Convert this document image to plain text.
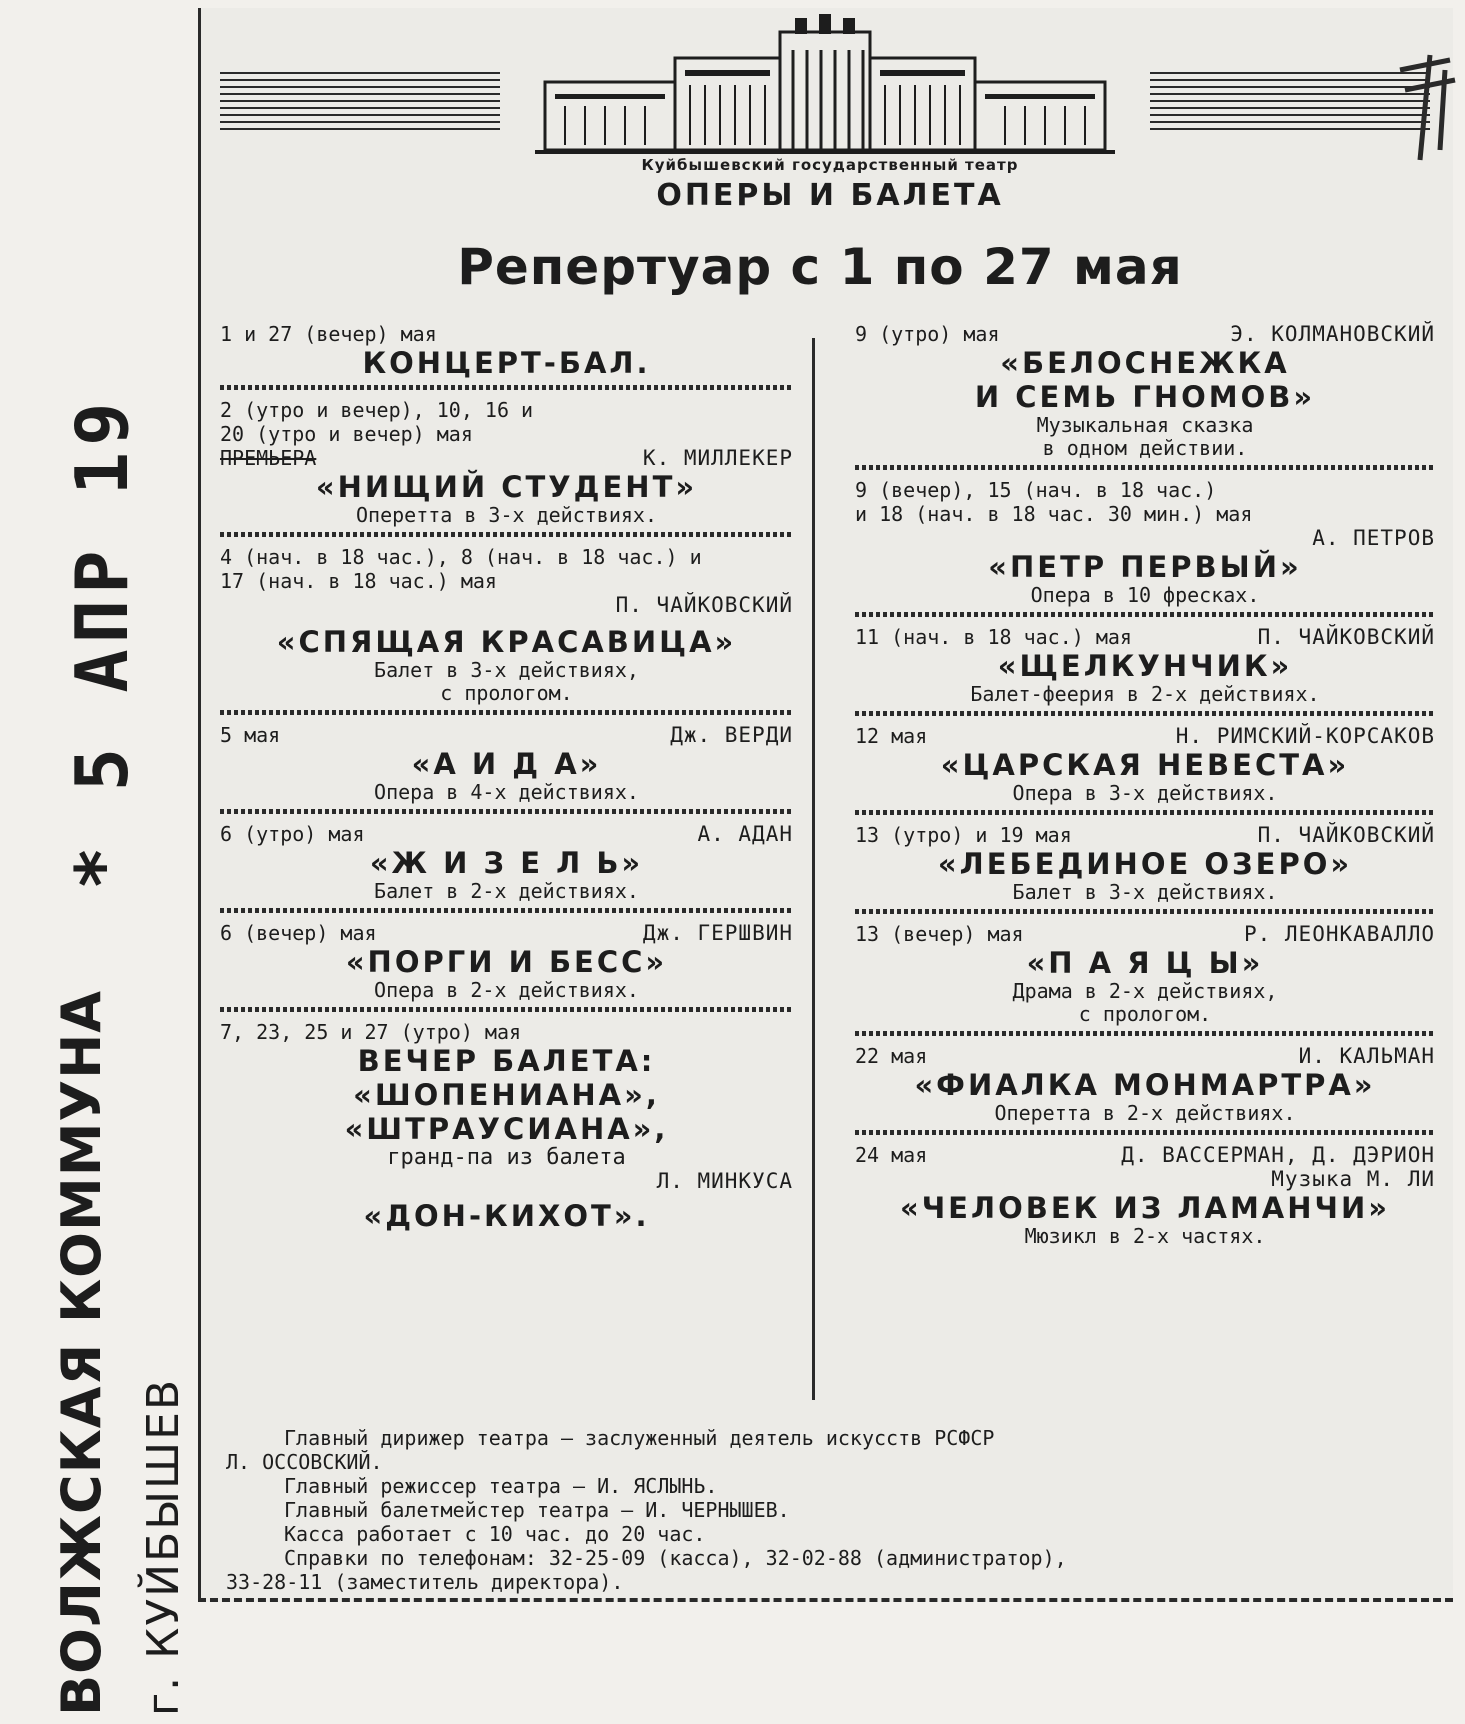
Куйбышевский государственный театр
ОПЕРЫ И БАЛЕТА
Репертуар с 1 по 27 мая
1 и 27 (вечер) мая
КОНЦЕРТ-БАЛ.
2 (утро и вечер), 10, 16 и
20 (утро и вечер) мая
ПРЕМЬЕРА	К. МИЛЛЕКЕР
«НИЩИЙ СТУДЕНТ»
Оперетта в 3-х действиях.
4 (нач. в 18 час.), 8 (нач. в 18 час.) и
17 (нач. в 18 час.) мая
П. ЧАЙКОВСКИЙ
«СПЯЩАЯ КРАСАВИЦА»
Балет в 3-х действиях,
с прологом.
5 мая	Дж. ВЕРДИ
«А И Д А»
Опера в 4-х действиях.
6 (утро) мая	А. АДАН
«Ж И З Е Л Ь»
Балет в 2-х действиях.
6 (вечер) мая	Дж. ГЕРШВИН
«ПОРГИ И БЕСС»
Опера в 2-х действиях.
7, 23, 25 и 27 (утро) мая
ВЕЧЕР БАЛЕТА:
«ШОПЕНИАНА»,
«ШТРАУСИАНА»,
гранд-па из балета
Л. МИНКУСА
«ДОН-КИХОТ».
9 (утро) мая	Э. КОЛМАНОВСКИЙ
«БЕЛОСНЕЖКА
И СЕМЬ ГНОМОВ»
Музыкальная сказка
в одном действии.
9 (вечер), 15 (нач. в 18 час.)
и 18 (нач. в 18 час. 30 мин.) мая
А. ПЕТРОВ
«ПЕТР ПЕРВЫЙ»
Опера в 10 фресках.
11 (нач. в 18 час.) мая	П. ЧАЙКОВСКИЙ
«ЩЕЛКУНЧИК»
Балет-феерия в 2-х действиях.
12 мая	Н. РИМСКИЙ-КОРСАКОВ
«ЦАРСКАЯ НЕВЕСТА»
Опера в 3-х действиях.
13 (утро) и 19 мая	П. ЧАЙКОВСКИЙ
«ЛЕБЕДИНОЕ ОЗЕРО»
Балет в 3-х действиях.
13 (вечер) мая	Р. ЛЕОНКАВАЛЛО
«П А Я Ц Ы»
Драма в 2-х действиях,
с прологом.
22 мая	И. КАЛЬМАН
«ФИАЛКА МОНМАРТРА»
Оперетта в 2-х действиях.
24 мая	Д. ВАССЕРМАН, Д. ДЭРИОН
Музыка М. ЛИ
«ЧЕЛОВЕК ИЗ ЛАМАНЧИ»
Мюзикл в 2-х частях.
Главный дирижер театра — заслуженный деятель искусств РСФСР
Л. ОССОВСКИЙ.
Главный режиссер театра — И. ЯСЛЫНЬ.
Главный балетмейстер театра — И. ЧЕРНЫШЕВ.
Касса работает с 10 час. до 20 час.
Справки по телефонам: 32-25-09 (касса), 32-02-88 (администратор),
33-28-11 (заместитель директора).
* 5 АПР 19
ВОЛЖСКАЯ КОММУНА г. КУЙБЫШЕВ
